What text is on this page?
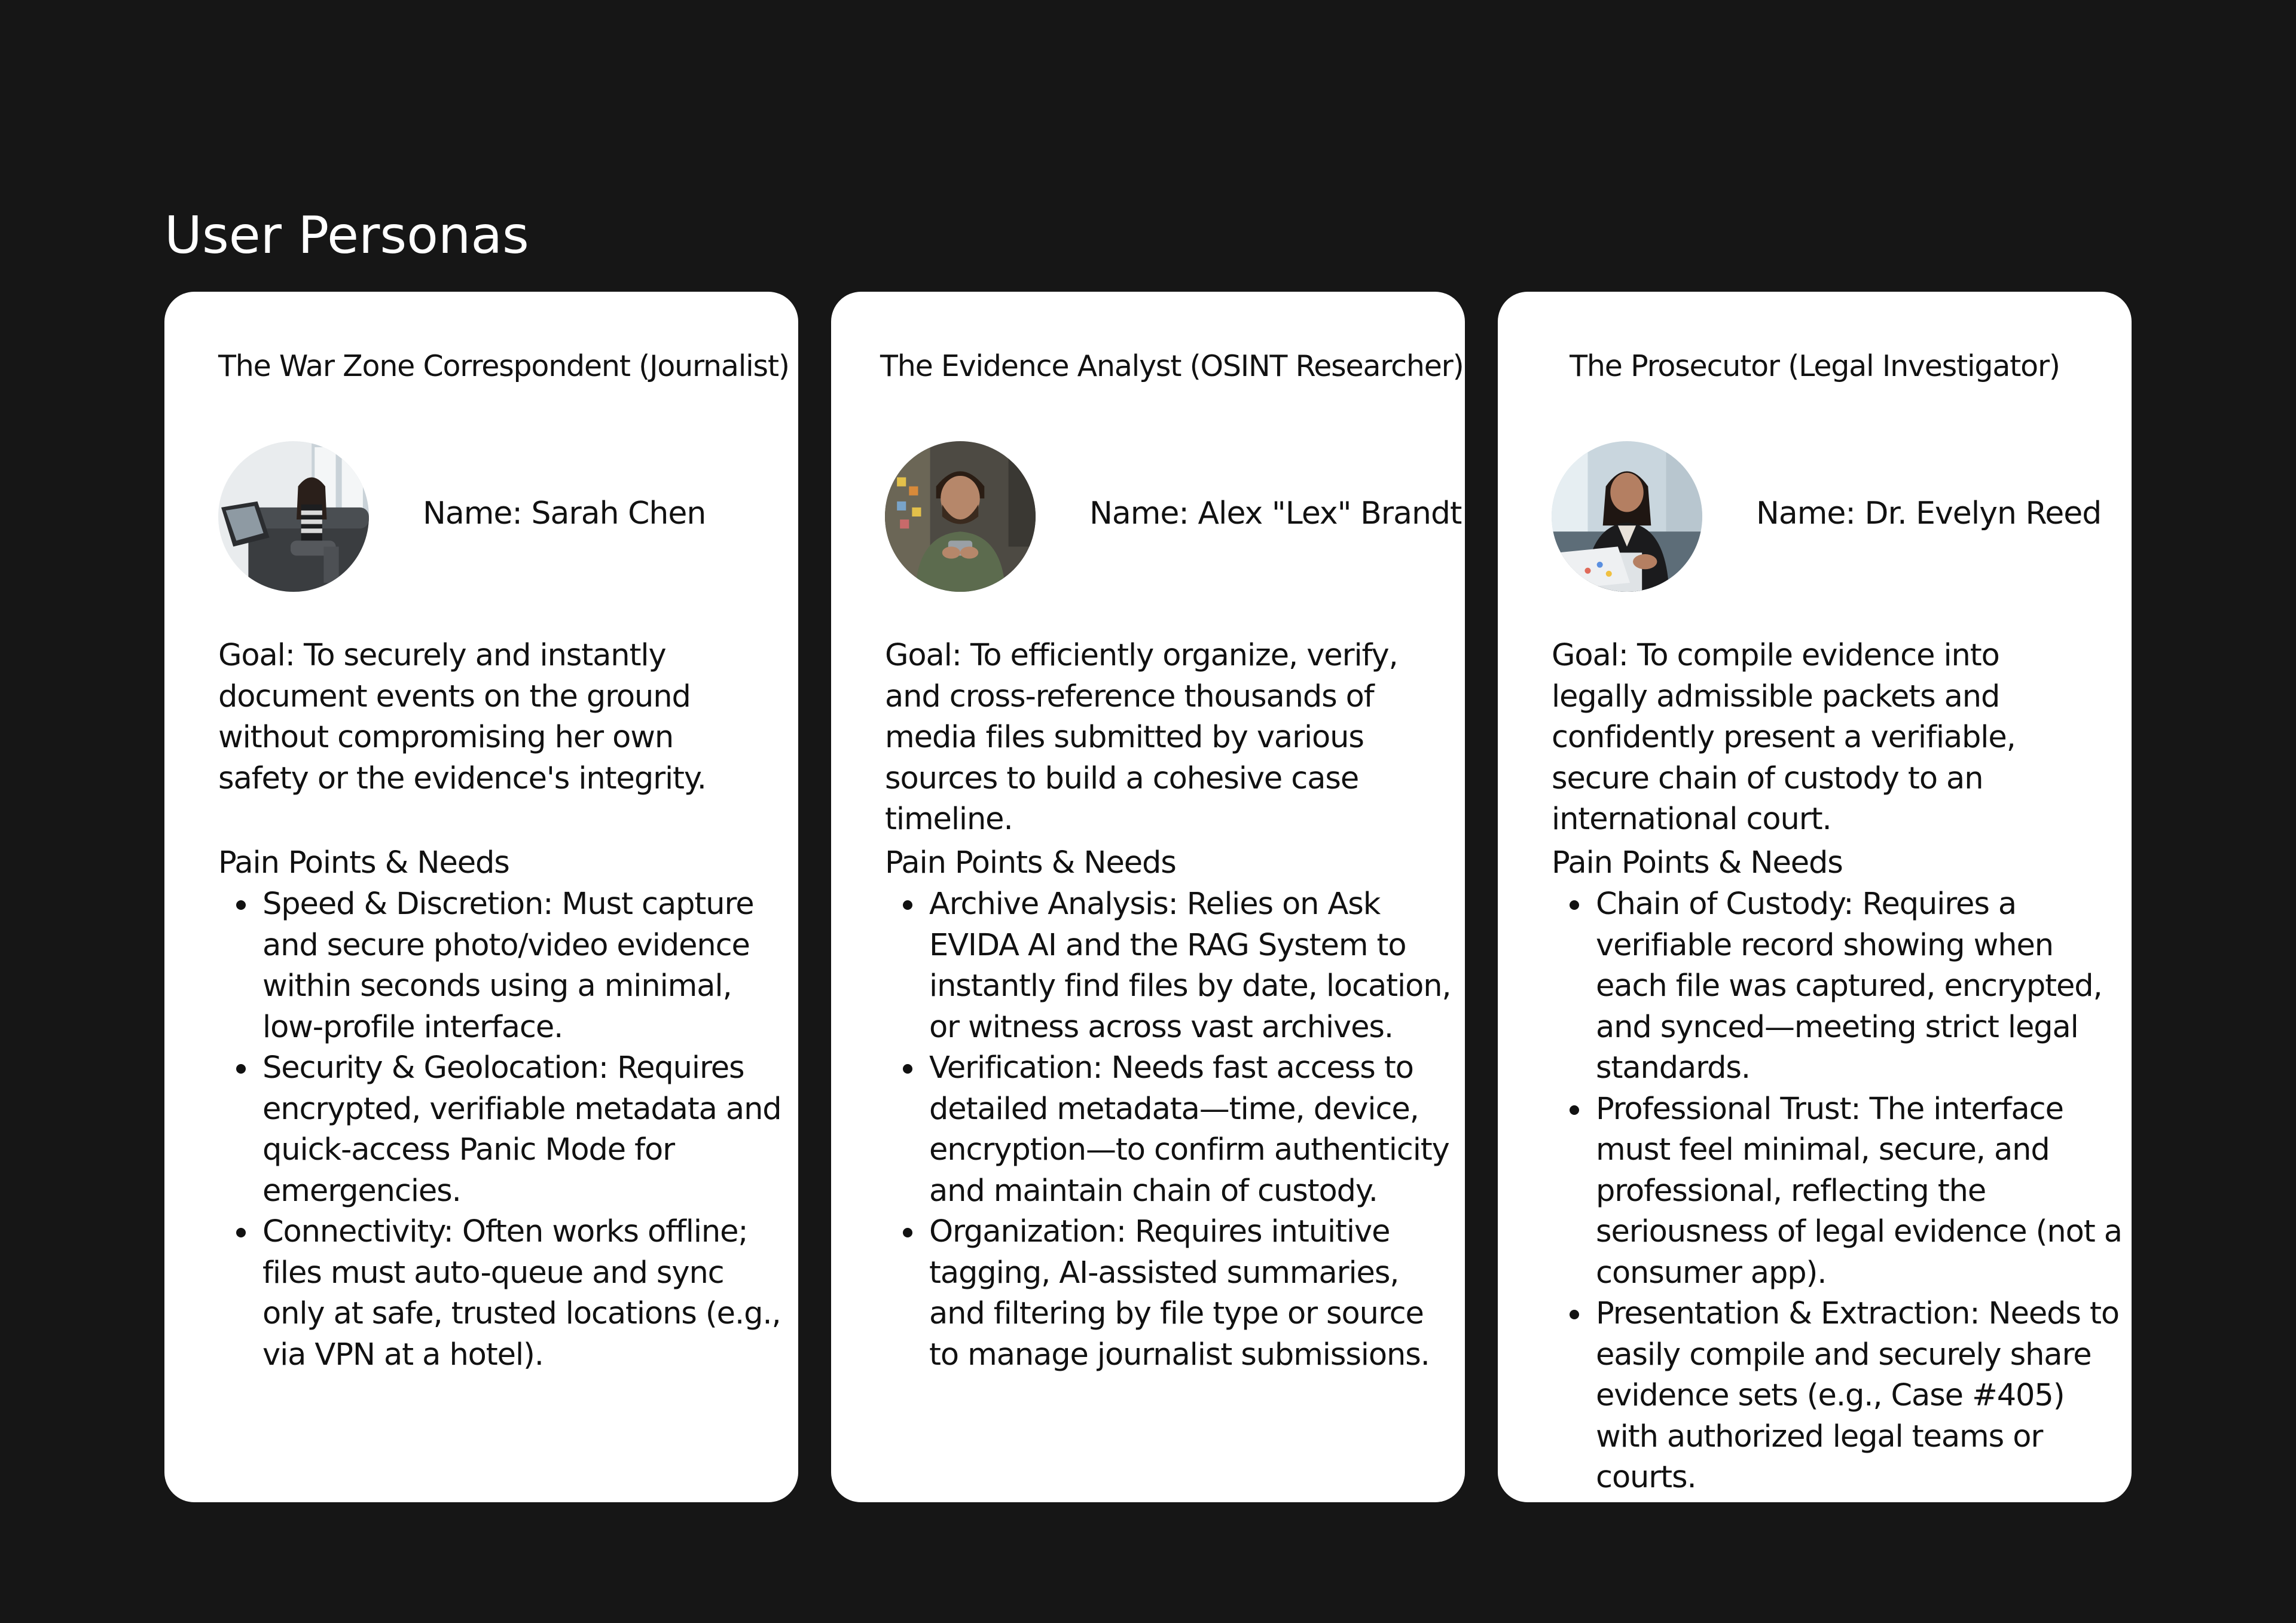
User Personas
The War Zone Correspondent (Journalist)
Name: Sarah Chen

Goal: To securely and instantly document events on the ground without compromising her own safety or the evidence's integrity.

Pain Points & Needs
Speed & Discretion: Must capture and secure photo/video evidence within seconds using a minimal, low-profile interface.
Security & Geolocation: Requires encrypted, verifiable metadata and quick-access Panic Mode for emergencies.
Connectivity: Often works offline; files must auto-queue and sync only at safe, trusted locations (e.g., via VPN at a hotel).
The Evidence Analyst (OSINT Researcher)
Name: Alex "Lex" Brandt

Goal: To efficiently organize, verify, and cross-reference thousands of media files submitted by various sources to build a cohesive case timeline.

Pain Points & Needs
Archive Analysis: Relies on Ask EVIDA AI and the RAG System to instantly find files by date, location, or witness across vast archives.
Verification: Needs fast access to detailed metadata—time, device, encryption—to confirm authenticity and maintain chain of custody.
Organization: Requires intuitive tagging, AI-assisted summaries, and filtering by file type or source to manage journalist submissions.
The Prosecutor (Legal Investigator)
Name: Dr. Evelyn Reed

Goal: To compile evidence into legally admissible packets and confidently present a verifiable, secure chain of custody to an international court.

Pain Points & Needs
Chain of Custody: Requires a verifiable record showing when each file was captured, encrypted, and synced—meeting strict legal standards.
Professional Trust: The interface must feel minimal, secure, and professional, reflecting the seriousness of legal evidence (not a consumer app).
Presentation & Extraction: Needs to easily compile and securely share evidence sets (e.g., Case #405) with authorized legal teams or courts.
